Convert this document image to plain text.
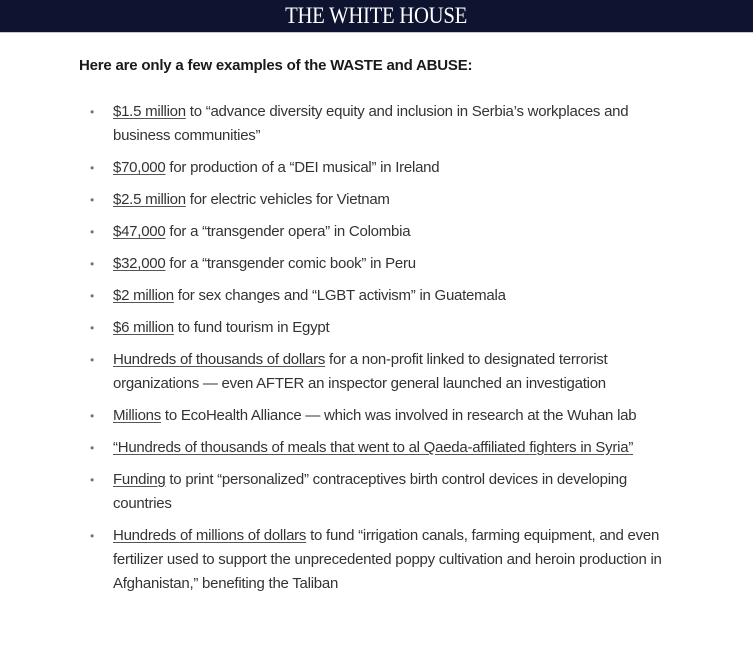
THE WHITE HOUSE
Here are only a few examples of the WASTE and ABUSE:
• $1.5 million to “advance diversity equity and inclusion in Serbia’s workplaces and business communities”
• $70,000 for production of a “DEI musical” in Ireland
• $2.5 million for electric vehicles for Vietnam
• $47,000 for a “transgender opera” in Colombia
• $32,000 for a “transgender comic book” in Peru
• $2 million for sex changes and “LGBT activism” in Guatemala
• $6 million to fund tourism in Egypt
• Hundreds of thousands of dollars for a non-profit linked to designated terrorist organizations — even AFTER an inspector general launched an investigation
• Millions to EcoHealth Alliance — which was involved in research at the Wuhan lab
• “Hundreds of thousands of meals that went to al Qaeda-affiliated fighters in Syria”
• Funding to print “personalized” contraceptives birth control devices in developing countries
• Hundreds of millions of dollars to fund “irrigation canals, farming equipment, and even fertilizer used to support the unprecedented poppy cultivation and heroin production in Afghanistan,” benefiting the Taliban
